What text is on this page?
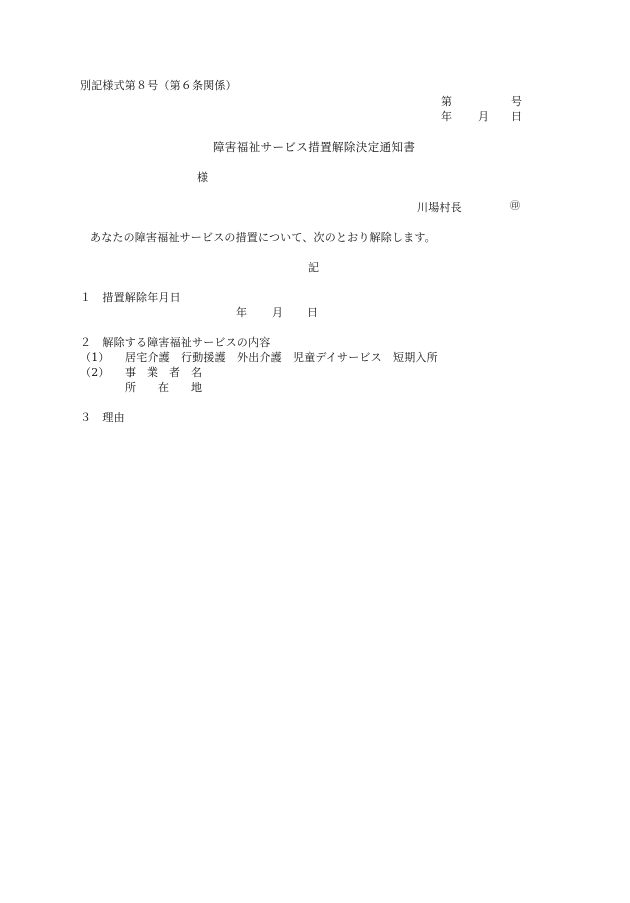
別記様式第８号（第６条関係）
第	号
年 月 日
障害福祉サービス措置解除決定通知書
様
川場村長	㊞
あなたの障害福祉サービスの措置について、次のとおり解除します。
記
１　措置解除年月日
年 月 日
２　解除する障害福祉サービスの内容
（1） 居宅介護　行動援護　外出介護　児童デイサービス　短期入所
（2） 事　業　者　名
所　　在　　地
３　理由
